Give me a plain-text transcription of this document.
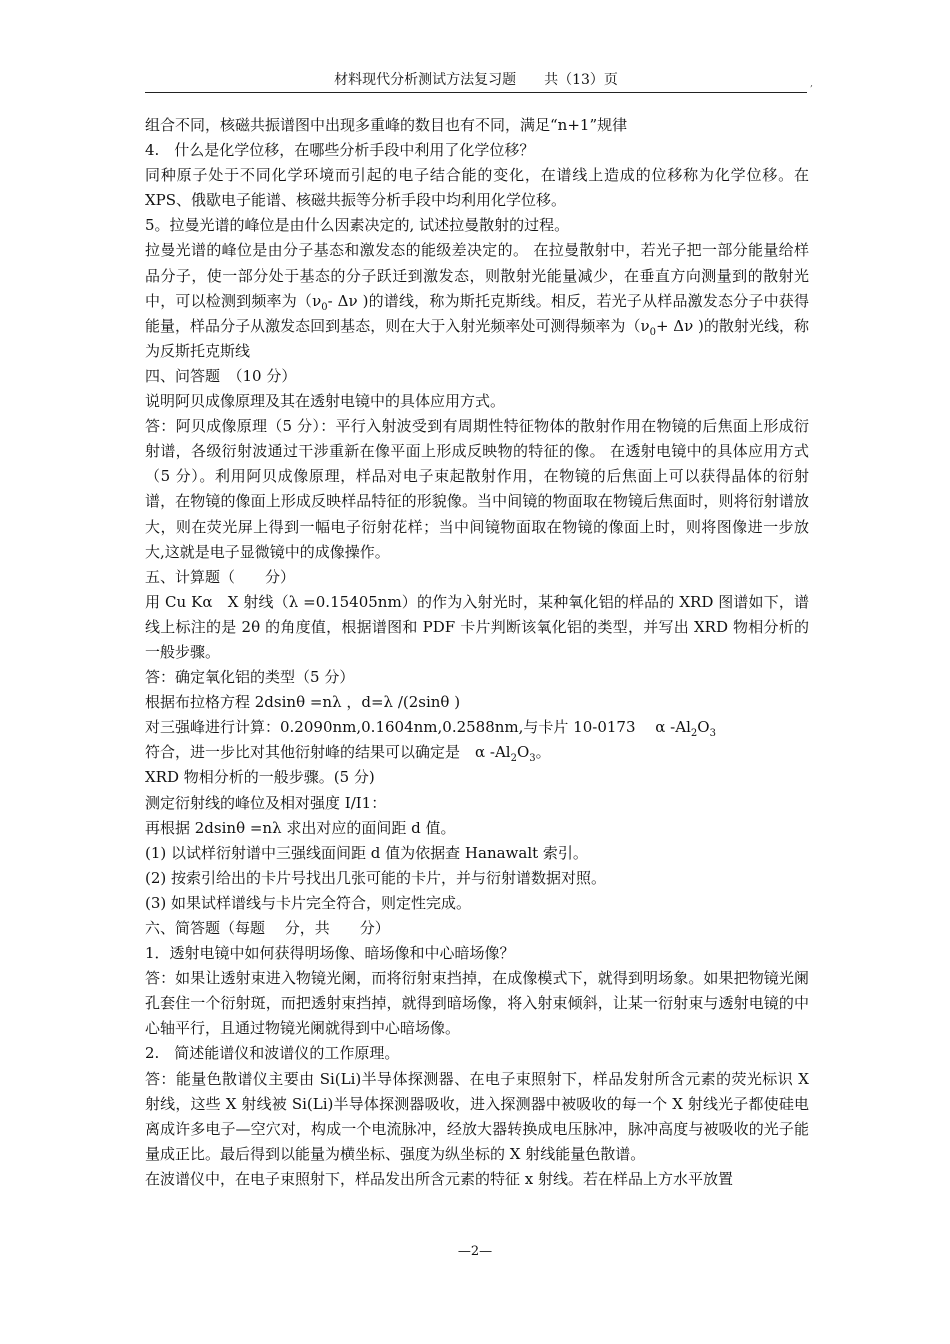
材料现代分析测试方法复习题　　共（13）页	,

组合不同，核磁共振谱图中出现多重峰的数目也有不同，满足“n+1”规律

4.　什么是化学位移，在哪些分析手段中利用了化学位移？

同种原子处于不同化学环境而引起的电子结合能的变化，在谱线上造成的位移称为化学位移。在 XPS、俄歇电子能谱、核磁共振等分析手段中均利用化学位移。

5。拉曼光谱的峰位是由什么因素决定的, 试述拉曼散射的过程。

拉曼光谱的峰位是由分子基态和激发态的能级差决定的。 在拉曼散射中，若光子把一部分能量给样品分子，使一部分处于基态的分子跃迁到激发态，则散射光能量减少，在垂直方向测量到的散射光中，可以检测到频率为（$\nu_0-$ Δν )的谱线，称为斯托克斯线。相反，若光子从样品激发态分子中获得能量，样品分子从激发态回到基态，则在大于入射光频率处可测得频率为（$\nu_0+ \Delta\nu$ )的散射光线，称为反斯托克斯线

四、问答题　（10 分）

说明阿贝成像原理及其在透射电镜中的具体应用方式。

答：阿贝成像原理（5 分）：平行入射波受到有周期性特征物体的散射作用在物镜的后焦面上形成衍射谱，各级衍射波通过干涉重新在像平面上形成反映物的特征的像。 在透射电镜中的具体应用方式（5 分）。利用阿贝成像原理，样品对电子束起散射作用，在物镜的后焦面上可以获得晶体的衍射谱，在物镜的像面上形成反映样品特征的形貌像。当中间镜的物面取在物镜后焦面时，则将衍射谱放大，则在荧光屏上得到一幅电子衍射花样；当中间镜物面取在物镜的像面上时，则将图像进一步放大,这就是电子显微镜中的成像操作。

五、计算题（　　分）

用 Cu Kα　X 射线（λ =0.15405nm）的作为入射光时，某种氧化铝的样品的 XRD 图谱如下，谱线上标注的是 2θ 的角度值，根据谱图和 PDF 卡片判断该氧化铝的类型，并写出 XRD 物相分析的一般步骤。

答：确定氧化铝的类型（5 分）

根据布拉格方程 2dsinθ =nλ ，d=λ /(2sinθ )

对三强峰进行计算：0.2090nm,0.1604nm,0.2588nm,与卡片 10-0173　 α $-Al_2O_3$

符合，进一步比对其他衍射峰的结果可以确定是　α $-Al_2O_3$。

XRD 物相分析的一般步骤。(5 分)

测定衍射线的峰位及相对强度 I/I1：

再根据 2dsinθ =nλ 求出对应的面间距 d 值。

(1) 以试样衍射谱中三强线面间距 d 值为依据查 Hanawalt 索引。

(2) 按索引给出的卡片号找出几张可能的卡片，并与衍射谱数据对照。

(3) 如果试样谱线与卡片完全符合，则定性完成。

六、简答题（每题　 分，共　　分）

1．透射电镜中如何获得明场像、暗场像和中心暗场像？

答：如果让透射束进入物镜光阑，而将衍射束挡掉，在成像模式下，就得到明场象。如果把物镜光阑孔套住一个衍射斑，而把透射束挡掉，就得到暗场像，将入射束倾斜，让某一衍射束与透射电镜的中心轴平行，且通过物镜光阑就得到中心暗场像。

2.　简述能谱仪和波谱仪的工作原理。

答：能量色散谱仪主要由 Si(Li)半导体探测器、在电子束照射下，样品发射所含元素的荧光标识 X 射线，这些 X 射线被 Si(Li)半导体探测器吸收，进入探测器中被吸收的每一个 X 射线光子都使硅电离成许多电子—空穴对，构成一个电流脉冲，经放大器转换成电压脉冲，脉冲高度与被吸收的光子能量成正比。最后得到以能量为横坐标、强度为纵坐标的 X 射线能量色散谱。

在波谱仪中，在电子束照射下，样品发出所含元素的特征 x 射线。若在样品上方水平放置

—2—
